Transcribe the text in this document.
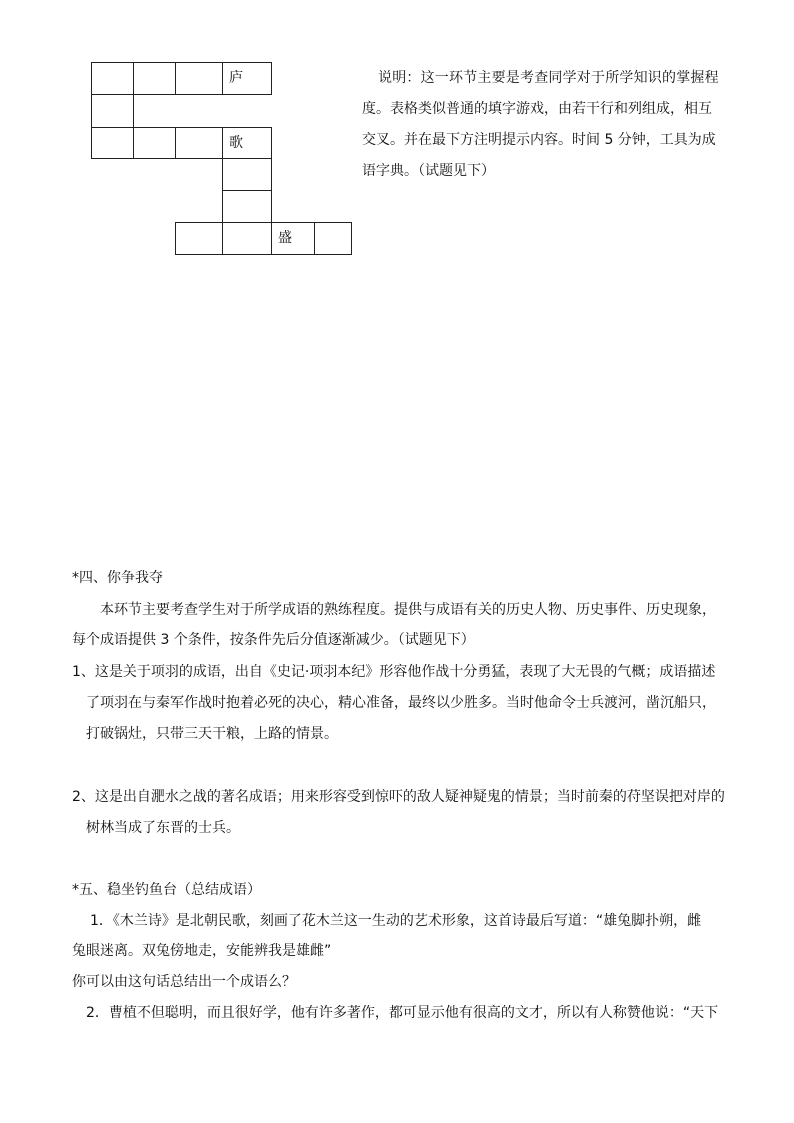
庐
歌
盛
说明：这一环节主要是考查同学对于所学知识的掌握程
度。表格类似普通的填字游戏，由若干行和列组成，相互
交叉。并在最下方注明提示内容。时间 5 分钟，工具为成
语字典。（试题见下）
*四、你争我夺
本环节主要考查学生对于所学成语的熟练程度。提供与成语有关的历史人物、历史事件、历史现象，
每个成语提供 3 个条件，按条件先后分值逐渐减少。（试题见下）
1、这是关于项羽的成语，出自《史记·项羽本纪》形容他作战十分勇猛，表现了大无畏的气概；成语描述
了项羽在与秦军作战时抱着必死的决心，精心准备，最终以少胜多。当时他命令士兵渡河，凿沉船只，
打破锅灶，只带三天干粮，上路的情景。
2、这是出自淝水之战的著名成语；用来形容受到惊吓的敌人疑神疑鬼的情景；当时前秦的苻坚误把对岸的
树林当成了东晋的士兵。
*五、稳坐钓鱼台（总结成语）
1．《木兰诗》是北朝民歌，刻画了花木兰这一生动的艺术形象，这首诗最后写道：“雄兔脚扑朔，雌
兔眼迷离。双兔傍地走，安能辨我是雄雌”
你可以由这句话总结出一个成语么？
2．曹植不但聪明，而且很好学，他有许多著作，都可显示他有很高的文才，所以有人称赞他说：“天下
